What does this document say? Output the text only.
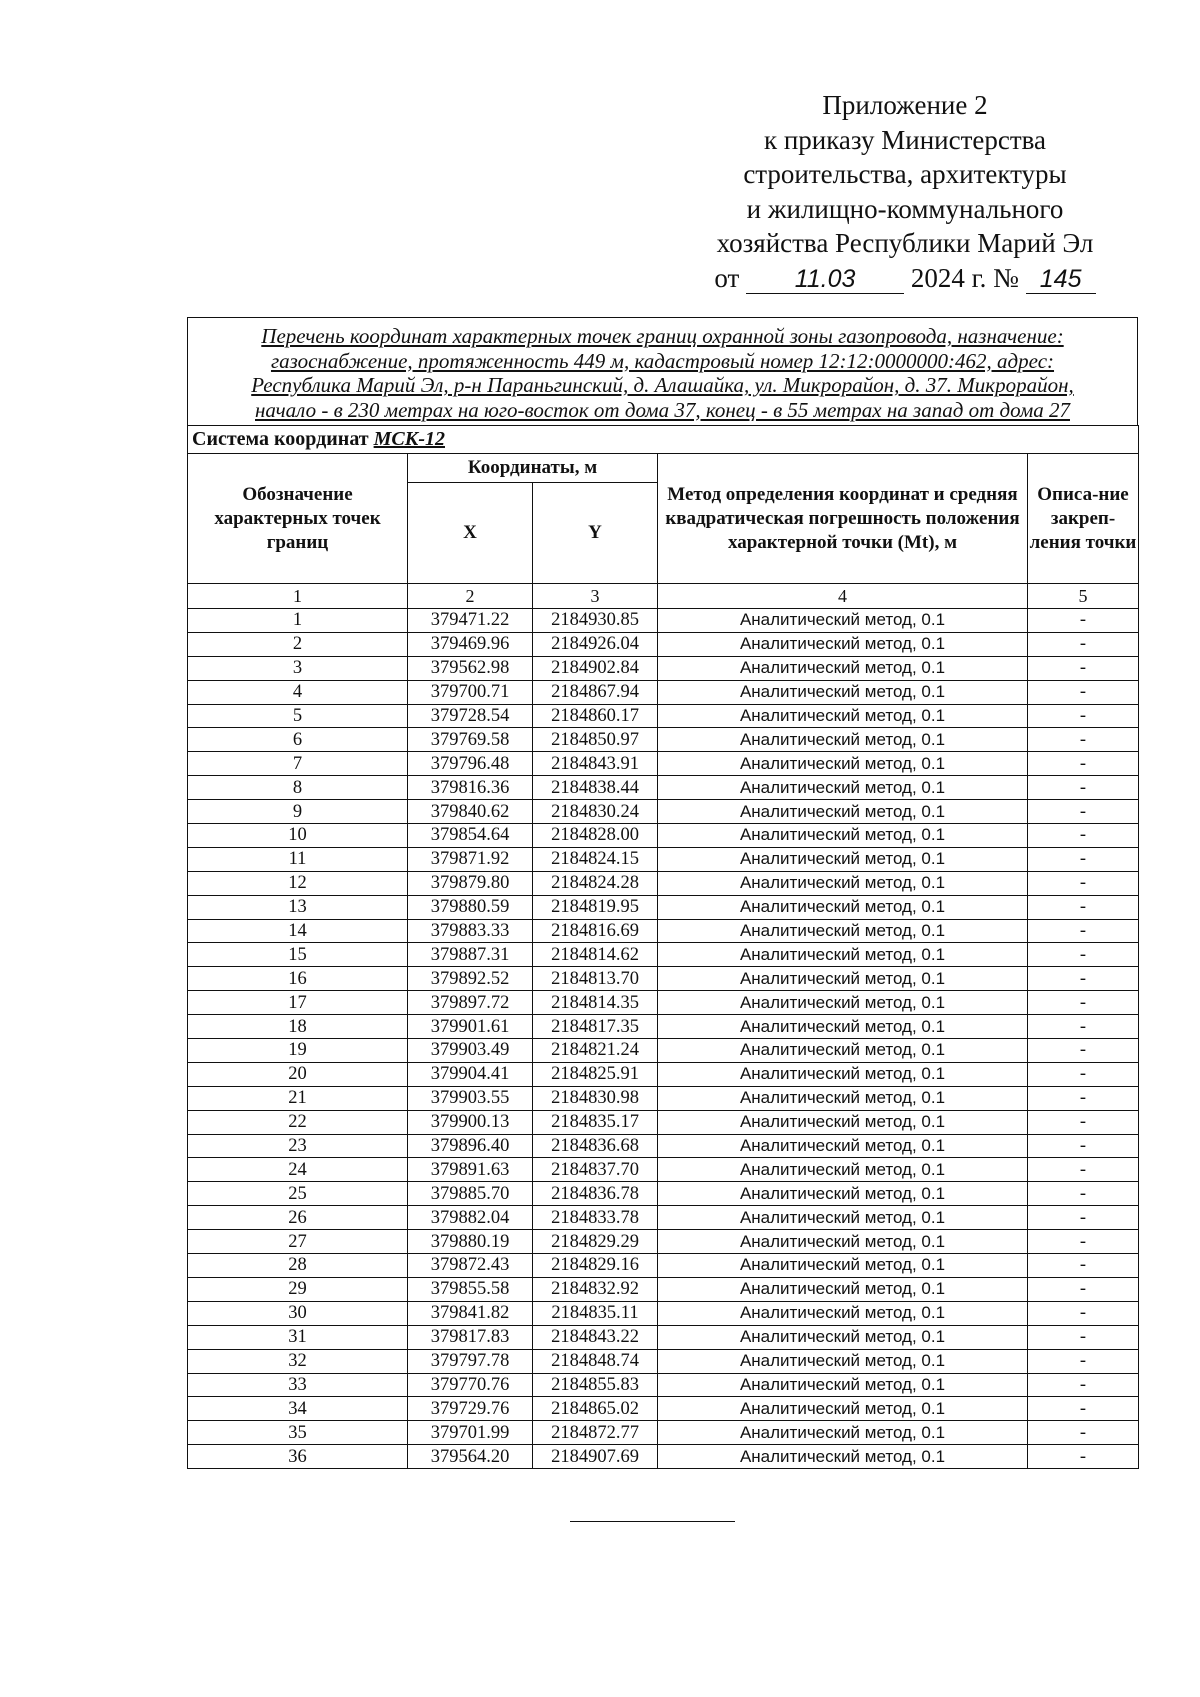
Приложение 2
к приказу Министерства
строительства, архитектуры
и жилищно-коммунального
хозяйства Республики Марий Эл
от 11.03 2024 г. № 145
Перечень координат характерных точек границ охранной зоны газопровода, назначение:
газоснабжение, протяженность 449 м, кадастровый номер 12:12:0000000:462, адрес:
Республика Марий Эл, р-н Параньгинский, д. Алашайка, ул. Микрорайон, д. 37. Микрорайон,
начало - в 230 метрах на юго-восток от дома 37, конец - в 55 метрах на запад от дома 27
Система координат МСК-12				
Обозначение характерных точек границ	Координаты, м		Метод определения координат и средняя квадратическая погрешность положения характерной точки (Mt), м	Описа-ние закреп-ления точки
	X	Y		
1	2	3	4	5
1	379471.22	2184930.85	Аналитический метод, 0.1	-
2	379469.96	2184926.04	Аналитический метод, 0.1	-
3	379562.98	2184902.84	Аналитический метод, 0.1	-
4	379700.71	2184867.94	Аналитический метод, 0.1	-
5	379728.54	2184860.17	Аналитический метод, 0.1	-
6	379769.58	2184850.97	Аналитический метод, 0.1	-
7	379796.48	2184843.91	Аналитический метод, 0.1	-
8	379816.36	2184838.44	Аналитический метод, 0.1	-
9	379840.62	2184830.24	Аналитический метод, 0.1	-
10	379854.64	2184828.00	Аналитический метод, 0.1	-
11	379871.92	2184824.15	Аналитический метод, 0.1	-
12	379879.80	2184824.28	Аналитический метод, 0.1	-
13	379880.59	2184819.95	Аналитический метод, 0.1	-
14	379883.33	2184816.69	Аналитический метод, 0.1	-
15	379887.31	2184814.62	Аналитический метод, 0.1	-
16	379892.52	2184813.70	Аналитический метод, 0.1	-
17	379897.72	2184814.35	Аналитический метод, 0.1	-
18	379901.61	2184817.35	Аналитический метод, 0.1	-
19	379903.49	2184821.24	Аналитический метод, 0.1	-
20	379904.41	2184825.91	Аналитический метод, 0.1	-
21	379903.55	2184830.98	Аналитический метод, 0.1	-
22	379900.13	2184835.17	Аналитический метод, 0.1	-
23	379896.40	2184836.68	Аналитический метод, 0.1	-
24	379891.63	2184837.70	Аналитический метод, 0.1	-
25	379885.70	2184836.78	Аналитический метод, 0.1	-
26	379882.04	2184833.78	Аналитический метод, 0.1	-
27	379880.19	2184829.29	Аналитический метод, 0.1	-
28	379872.43	2184829.16	Аналитический метод, 0.1	-
29	379855.58	2184832.92	Аналитический метод, 0.1	-
30	379841.82	2184835.11	Аналитический метод, 0.1	-
31	379817.83	2184843.22	Аналитический метод, 0.1	-
32	379797.78	2184848.74	Аналитический метод, 0.1	-
33	379770.76	2184855.83	Аналитический метод, 0.1	-
34	379729.76	2184865.02	Аналитический метод, 0.1	-
35	379701.99	2184872.77	Аналитический метод, 0.1	-
36	379564.20	2184907.69	Аналитический метод, 0.1	-
